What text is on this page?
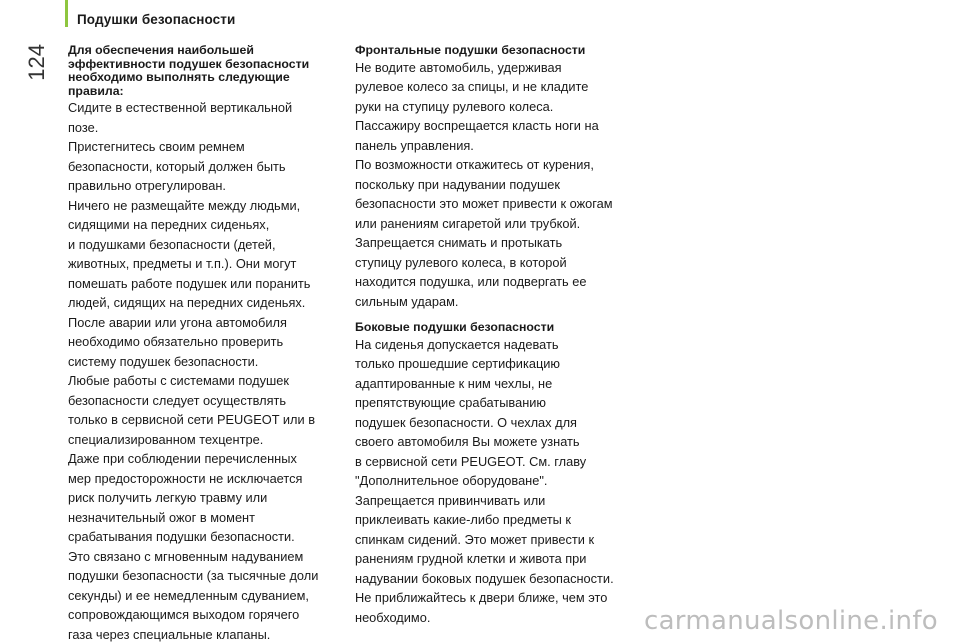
Подушки безопасности
124 Для обеспечения наибольшей
эффективности подушек безопасности
необходимо выполнять следующие
правила:
Сидите в естественной вертикальной
позе.
Пристегнитесь своим ремнем
безопасности, который должен быть
правильно отрегулирован.
Ничего не размещайте между людьми,
сидящими на передних сиденьях,
и подушками безопасности (детей,
животных, предметы и т.п.). Они могут
помешать работе подушек или поранить
людей, сидящих на передних сиденьях.
После аварии или угона автомобиля
необходимо обязательно проверить
систему подушек безопасности.
Любые работы с системами подушек
безопасности следует осуществлять
только в сервисной сети PEUGEOT или в
специализированном техцентре.
Даже при соблюдении перечисленных
мер предосторожности не исключается
риск получить легкую травму или
незначительный ожог в момент
срабатывания подушки безопасности.
Это связано с мгновенным надуванием
подушки безопасности (за тысячные доли
секунды) и ее немедленным сдуванием,
сопровождающимся выходом горячего
газа через специальные клапаны.
Фронтальные подушки безопасности
Не водите автомобиль, удерживая
рулевое колесо за спицы, и не кладите
руки на ступицу рулевого колеса.
Пассажиру воспрещается класть ноги на
панель управления.
По возможности откажитесь от курения,
поскольку при надувании подушек
безопасности это может привести к ожогам
или ранениям сигаретой или трубкой.
Запрещается снимать и протыкать
ступицу рулевого колеса, в которой
находится подушка, или подвергать ее
сильным ударам.
Боковые подушки безопасности
На сиденья допускается надевать
только прошедшие сертификацию
адаптированные к ним чехлы, не
препятствующие срабатыванию
подушек безопасности. О чехлах для
своего автомобиля Вы можете узнать
в сервисной сети PEUGEOT. См. главу
"Дополнительное оборудоване".
Запрещается привинчивать или
приклеивать какие-либо предметы к
спинкам сидений. Это может привести к
ранениям грудной клетки и живота при
надувании боковых подушек безопасности.
Не приближайтесь к двери ближе, чем это
необходимо.	carmanualsonline.info
